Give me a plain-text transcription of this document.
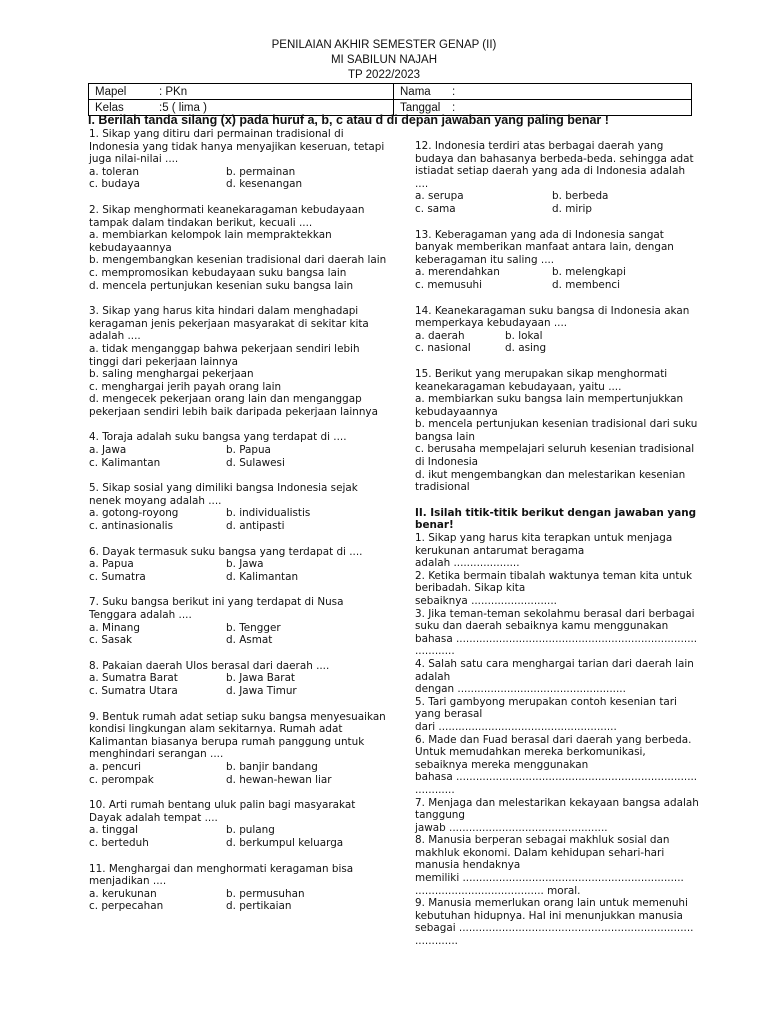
PENILAIAN AKHIR SEMESTER GENAP (II)
MI SABILUN NAJAH
TP 2022/2023
Mapel : PKn	Nama :
Kelas :5 ( lima )	Tanggal :
I. Berilah tanda silang (x) pada huruf a, b, c atau d di depan jawaban yang paling benar !

1. Sikap yang ditiru dari permainan tradisional di Indonesia yang tidak hanya menyajikan keseruan, tetapi juga nilai-nilai ....

a. toleran	b. permainan
c. budaya	d. kesenangan

2. Sikap menghormati keanekaragaman kebudayaan tampak dalam tindakan berikut, kecuali ....

a. membiarkan kelompok lain mempraktekkan kebudayaannya

b. mengembangkan kesenian tradisional dari daerah lain

c. mempromosikan kebudayaan suku bangsa lain

d. mencela pertunjukan kesenian suku bangsa lain

3. Sikap yang harus kita hindari dalam menghadapi keragaman jenis pekerjaan masyarakat di sekitar kita adalah ....

a. tidak menganggap bahwa pekerjaan sendiri lebih tinggi dari pekerjaan lainnya

b. saling menghargai pekerjaan

c. menghargai jerih payah orang lain

d. mengecek pekerjaan orang lain dan menganggap pekerjaan sendiri lebih baik daripada pekerjaan lainnya

4. Toraja adalah suku bangsa yang terdapat di ....

a. Jawa	b. Papua
c. Kalimantan	d. Sulawesi

5. Sikap sosial yang dimiliki bangsa Indonesia sejak nenek moyang adalah ....

a. gotong-royong	b. individualistis
c. antinasionalis	d. antipasti

6. Dayak termasuk suku bangsa yang terdapat di ....

a. Papua	b. Jawa
c. Sumatra	d. Kalimantan

7. Suku bangsa berikut ini yang terdapat di Nusa Tenggara adalah ....

a. Minang	b. Tengger
c. Sasak	d. Asmat

8. Pakaian daerah Ulos berasal dari daerah ....

a. Sumatra Barat	b. Jawa Barat
c. Sumatra Utara	d. Jawa Timur

9. Bentuk rumah adat setiap suku bangsa menyesuaikan kondisi lingkungan alam sekitarnya. Rumah adat Kalimantan biasanya berupa rumah panggung untuk menghindari serangan ....

a. pencuri	b. banjir bandang
c. perompak	d. hewan-hewan liar

10. Arti rumah bentang uluk palin bagi masyarakat Dayak adalah tempat ....

a. tinggal	b. pulang
c. berteduh	d. berkumpul keluarga

11. Menghargai dan menghormati keragaman bisa menjadikan ....

a. kerukunan	b. permusuhan
c. perpecahan	d. pertikaian

12. Indonesia terdiri atas berbagai daerah yang budaya dan bahasanya berbeda-beda. sehingga adat istiadat setiap daerah yang ada di Indonesia adalah ....

a. serupa	b. berbeda
c. sama	d. mirip

13. Keberagaman yang ada di Indonesia sangat banyak memberikan manfaat antara lain, dengan keberagaman itu saling ....

a. merendahkan	b. melengkapi
c. memusuhi	d. membenci

14. Keanekaragaman suku bangsa di Indonesia akan memperkaya kebudayaan ....

a. daerah	b. lokal
c. nasional	d. asing

15. Berikut yang merupakan sikap menghormati keanekaragaman kebudayaan, yaitu ....

a. membiarkan suku bangsa lain mempertunjukkan kebudayaannya

b. mencela pertunjukan kesenian tradisional dari suku bangsa lain

c. berusaha mempelajari seluruh kesenian tradisional di Indonesia

d. ikut mengembangkan dan melestarikan kesenian tradisional

II. Isilah titik-titik berikut dengan jawaban yang benar!

1. Sikap yang harus kita terapkan untuk menjaga kerukunan antarumat beragama

adalah ....................

2. Ketika bermain tibalah waktunya teman kita untuk beribadah. Sikap kita

sebaiknya ..........................

3. Jika teman-teman sekolahmu berasal dari berbagai suku dan daerah sebaiknya kamu menggunakan

bahasa .........................................................................

............

4. Salah satu cara menghargai tarian dari daerah lain adalah

dengan ...................................................

5. Tari gambyong merupakan contoh kesenian tari yang berasal

dari ......................................................

6. Made dan Fuad berasal dari daerah yang berbeda. Untuk memudahkan mereka berkomunikasi, sebaiknya mereka menggunakan

bahasa .........................................................................

............

7. Menjaga dan melestarikan kekayaan bangsa adalah tanggung

jawab ................................................

8. Manusia berperan sebagai makhluk sosial dan makhluk ekonomi. Dalam kehidupan sehari-hari manusia hendaknya

memiliki ...................................................................

....................................... moral.

9. Manusia memerlukan orang lain untuk memenuhi kebutuhan hidupnya. Hal ini menunjukkan manusia

sebagai .......................................................................

.............
